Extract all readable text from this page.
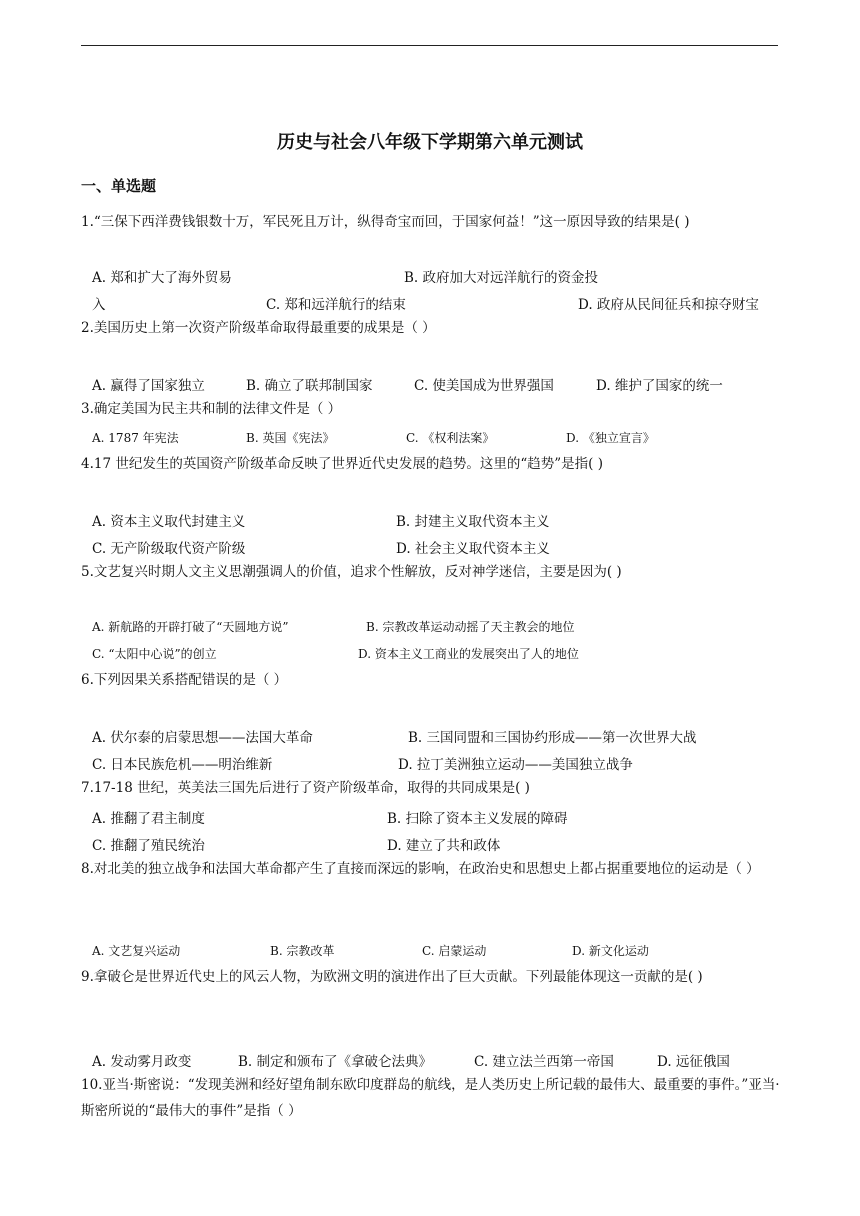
历史与社会八年级下学期第六单元测试
一、单选题
1.“三保下西洋费钱银数十万，军民死且万计，纵得奇宝而回，于国家何益！”这一原因导致的结果是( )
A. 郑和扩大了海外贸易	B. 政府加大对远洋航行的资金投
入	C. 郑和远洋航行的结束	D. 政府从民间征兵和掠夺财宝
2.美国历史上第一次资产阶级革命取得最重要的成果是（ ）
A. 赢得了国家独立	B. 确立了联邦制国家	C. 使美国成为世界强国	D. 维护了国家的统一
3.确定美国为民主共和制的法律文件是（ ）
A. 1787 年宪法	B. 英国《宪法》	C. 《权利法案》	D. 《独立宣言》
4.17 世纪发生的英国资产阶级革命反映了世界近代史发展的趋势。这里的“趋势”是指( )
A. 资本主义取代封建主义	B. 封建主义取代资本主义
C. 无产阶级取代资产阶级	D. 社会主义取代资本主义
5.文艺复兴时期人文主义思潮强调人的价值，追求个性解放，反对神学迷信，主要是因为( )
A. 新航路的开辟打破了“天圆地方说”	B. 宗教改革运动动摇了天主教会的地位
C. “太阳中心说”的创立	D. 资本主义工商业的发展突出了人的地位
6.下列因果关系搭配错误的是（ ）
A. 伏尔泰的启蒙思想——法国大革命	B. 三国同盟和三国协约形成——第一次世界大战
C. 日本民族危机——明治维新	D. 拉丁美洲独立运动——美国独立战争
7.17-18 世纪，英美法三国先后进行了资产阶级革命，取得的共同成果是( )
A. 推翻了君主制度	B. 扫除了资本主义发展的障碍
C. 推翻了殖民统治	D. 建立了共和政体
8.对北美的独立战争和法国大革命都产生了直接而深远的影响，在政治史和思想史上都占据重要地位的运动是（ ）
A. 文艺复兴运动	B. 宗教改革	C. 启蒙运动	D. 新文化运动
9.拿破仑是世界近代史上的风云人物，为欧洲文明的演进作出了巨大贡献。下列最能体现这一贡献的是( )
A. 发动雾月政变	B. 制定和颁布了《拿破仑法典》	C. 建立法兰西第一帝国	D. 远征俄国
10.亚当·斯密说：“发现美洲和经好望角制东欧印度群岛的航线，是人类历史上所记载的最伟大、最重要的事件。”亚当·斯密所说的“最伟大的事件”是指（ ）
